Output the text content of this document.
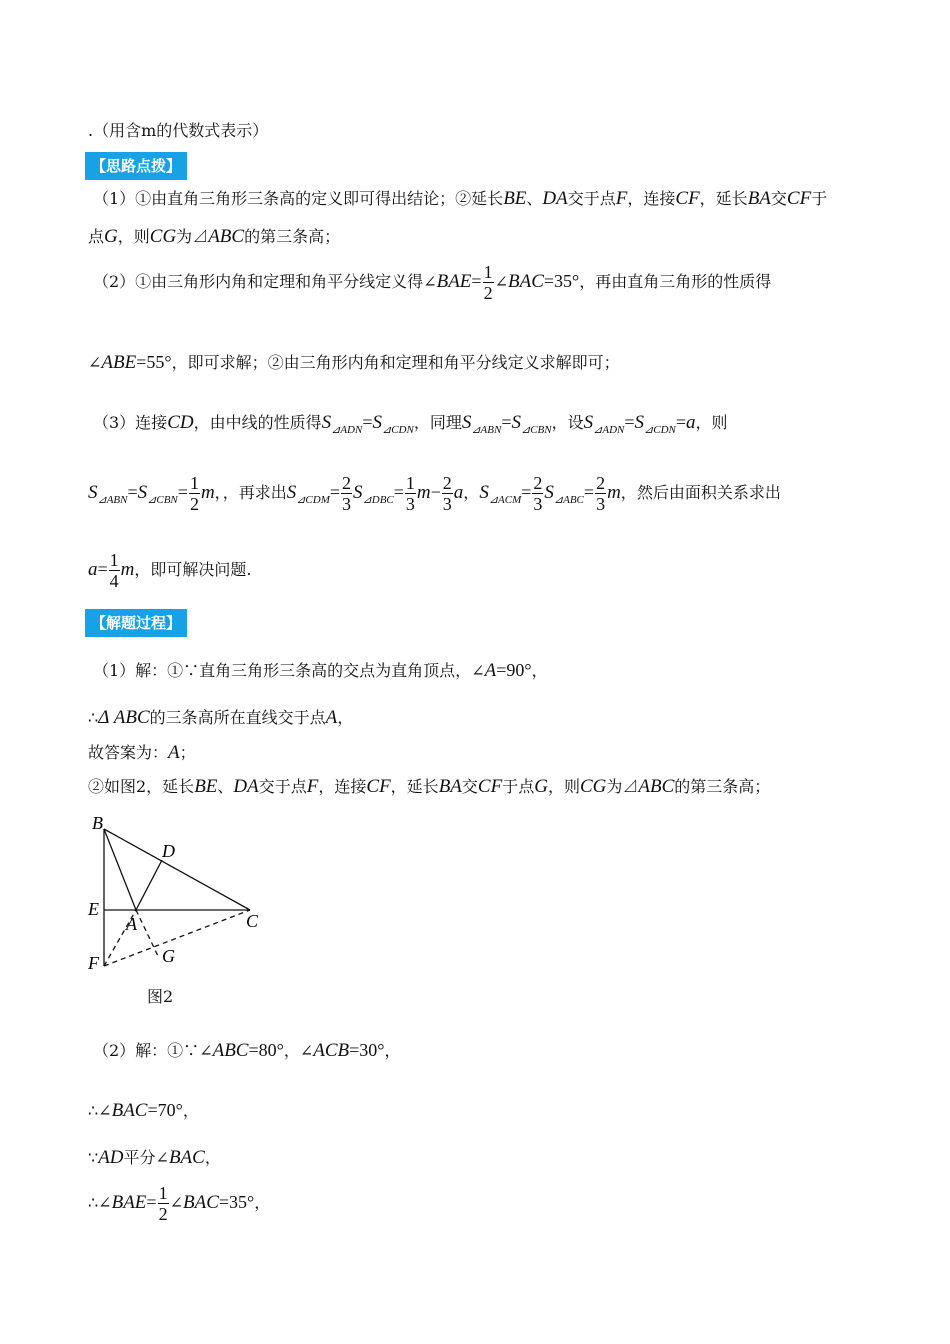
.（用含m的代数式表示）
【思路点拨】
（1）①由直角三角形三条高的定义即可得出结论；②延长BE、DA交于点F，连接CF，延长BA交CF于
点G，则CG为⊿ABC的第三条高；
（2）①由三角形内角和定理和角平分线定义得∠BAE= $\frac{1}{2}$ ∠BAC=35°，再由直角三角形的性质得
∠ABE=55°，即可求解；②由三角形内角和定理和角平分线定义求解即可；
（3）连接CD，由中线的性质得$S_{⊿ADN}=S_{⊿CDN}$，同理$S_{⊿ABN}=S_{⊿CBN}$，设$S_{⊿ADN}=S_{⊿CDN}=a$，则
$S_{⊿ABN}=S_{⊿CBN}= \frac{1}{2}$ m，，再求出$S_{⊿CDM}= \frac{2}{3} S_{⊿DBC}= \frac{1}{3} m- \frac{2}{3}$ a，$S_{⊿ACM}= \frac{2}{3} S_{⊿ABC}= \frac{2}{3}$ m，然后由面积关系求出
$a= \frac{1}{4}$ m，即可解决问题.
【解题过程】
（1）解：①∵直角三角形三条高的交点为直角顶点，∠A=90°，
∴Δ ABC的三条高所在直线交于点A，
故答案为：A；
②如图2，延长BE、DA交于点F，连接CF，延长BA交CF于点G，则CG为⊿ABC的第三条高；
B
D
E
A	C
F	G
图2
（2）解：①∵∠ABC=80°，∠ACB=30°，
∴∠BAC=70°，
∵AD平分∠BAC，
∴∠BAE= $\frac{1}{2}$ ∠BAC=35°，
